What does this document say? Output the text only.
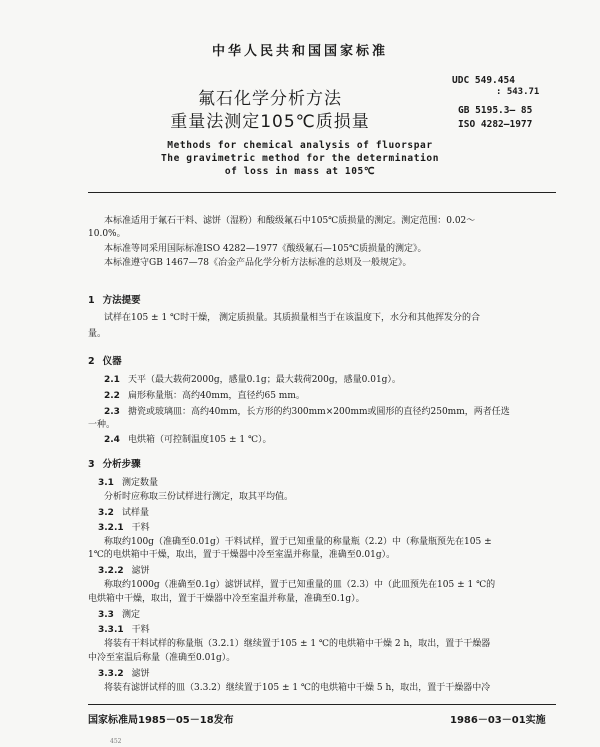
中华人民共和国国家标准
UDC 549.454
: 543.71
GB 5195.3— 85
ISO 4282—1977
氟石化学分析方法
重量法测定105℃质损量
Methods for chemical analysis of fluorspar
The gravimetric method for the determination
of loss in mass at 105℃
本标准适用于氟石干料、滤饼（湿粉）和酸级氟石中105℃质损量的测定。测定范围：0.02～
10.0%。
本标准等同采用国际标准ISO 4282—1977《酸级氟石—105℃质损量的测定》。
本标准遵守GB 1467—78《冶金产品化学分析方法标准的总则及一般规定》。
1 方法提要
试样在105 ± 1 ℃时干燥， 测定质损量。其质损量相当于在该温度下，水分和其他挥发分的合
量。
2 仪器
2.1 天平（最大载荷2000g，感量0.1g；最大载荷200g，感量0.01g）。
2.2 扁形称量瓶：高约40mm，直径约65 mm。
2.3 搪瓷或玻璃皿：高约40mm，长方形的约300mm×200mm或圆形的直径约250mm，两者任选
一种。
2.4 电烘箱（可控制温度105 ± 1 ℃）。
3 分析步骤
3.1 测定数量
分析时应称取三份试样进行测定，取其平均值。
3.2 试样量
3.2.1 干料
称取约100g（准确至0.01g）干料试样，置于已知重量的称量瓶（2.2）中（称量瓶预先在105 ±
1℃的电烘箱中干燥，取出，置于干燥器中冷至室温并称量，准确至0.01g）。
3.2.2 滤饼
称取约1000g（准确至0.1g）滤饼试样，置于已知重量的皿（2.3）中（此皿预先在105 ± 1 ℃的
电烘箱中干燥，取出，置于干燥器中冷至室温并称量，准确至0.1g）。
3.3 测定
3.3.1 干料
将装有干料试样的称量瓶（3.2.1）继续置于105 ± 1 ℃的电烘箱中干燥 2 h，取出，置于干燥器
中冷至室温后称量（准确至0.01g）。
3.3.2 滤饼
将装有滤饼试样的皿（3.3.2）继续置于105 ± 1 ℃的电烘箱中干燥 5 h，取出，置于干燥器中冷
国家标准局1985－05－18发布	1986－03－01实施
452
